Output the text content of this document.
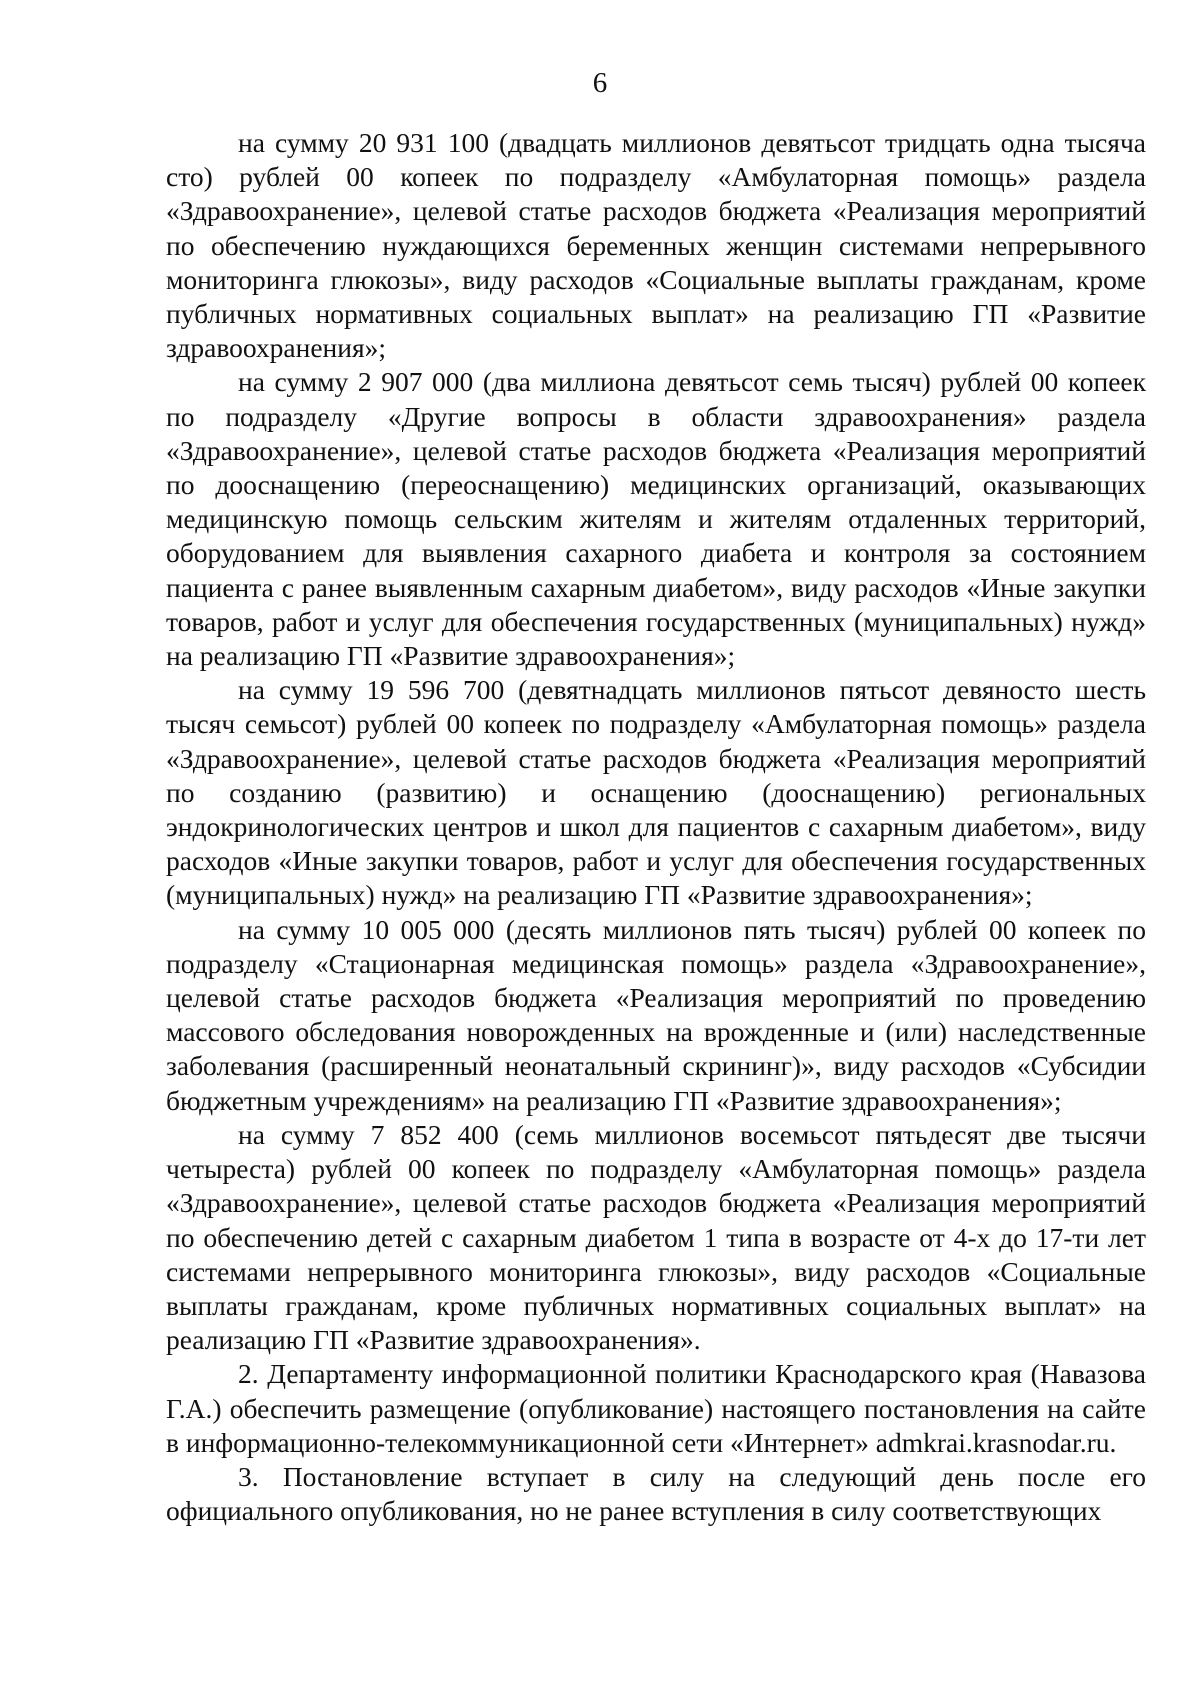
6

на сумму 20 931 100 (двадцать миллионов девятьсот тридцать одна тысяча сто) рублей 00 копеек по подразделу «Амбулаторная помощь» раздела «Здравоохранение», целевой статье расходов бюджета «Реализация мероприятий по обеспечению нуждающихся беременных женщин системами непрерывного мониторинга глюкозы», виду расходов «Социальные выплаты гражданам, кроме публичных нормативных социальных выплат» на реализацию ГП «Развитие здравоохранения»;

на сумму 2 907 000 (два миллиона девятьсот семь тысяч) рублей 00 копеек по подразделу «Другие вопросы в области здравоохранения» раздела «Здравоохранение», целевой статье расходов бюджета «Реализация мероприятий по дооснащению (переоснащению) медицинских организаций, оказывающих медицинскую помощь сельским жителям и жителям отдаленных территорий, оборудованием для выявления сахарного диабета и контроля за состоянием пациента с ранее выявленным сахарным диабетом», виду расходов «Иные закупки товаров, работ и услуг для обеспечения государственных (муниципальных) нужд» на реализацию ГП «Развитие здравоохранения»;

на сумму 19 596 700 (девятнадцать миллионов пятьсот девяносто шесть тысяч семьсот) рублей 00 копеек по подразделу «Амбулаторная помощь» раздела «Здравоохранение», целевой статье расходов бюджета «Реализация мероприятий по созданию (развитию) и оснащению (дооснащению) региональных эндокринологических центров и школ для пациентов с сахарным диабетом», виду расходов «Иные закупки товаров, работ и услуг для обеспечения государственных (муниципальных) нужд» на реализацию ГП «Развитие здравоохранения»;

на сумму 10 005 000 (десять миллионов пять тысяч) рублей 00 копеек по подразделу «Стационарная медицинская помощь» раздела «Здравоохранение», целевой статье расходов бюджета «Реализация мероприятий по проведению массового обследования новорожденных на врожденные и (или) наследственные заболевания (расширенный неонатальный скрининг)», виду расходов «Субсидии бюджетным учреждениям» на реализацию ГП «Развитие здравоохранения»;

на сумму 7 852 400 (семь миллионов восемьсот пятьдесят две тысячи четыреста) рублей 00 копеек по подразделу «Амбулаторная помощь» раздела «Здравоохранение», целевой статье расходов бюджета «Реализация мероприятий по обеспечению детей с сахарным диабетом 1 типа в возрасте от 4-х до 17-ти лет системами непрерывного мониторинга глюкозы», виду расходов «Социальные выплаты гражданам, кроме публичных нормативных социальных выплат» на реализацию ГП «Развитие здравоохранения».

2. Департаменту информационной политики Краснодарского края (Навазова Г.А.) обеспечить размещение (опубликование) настоящего постановления на сайте в информационно-телекоммуникационной сети «Интернет» admkrai.krasnodar.ru.

3. Постановление вступает в силу на следующий день после его официального опубликования, но не ранее вступления в силу соответствующих
